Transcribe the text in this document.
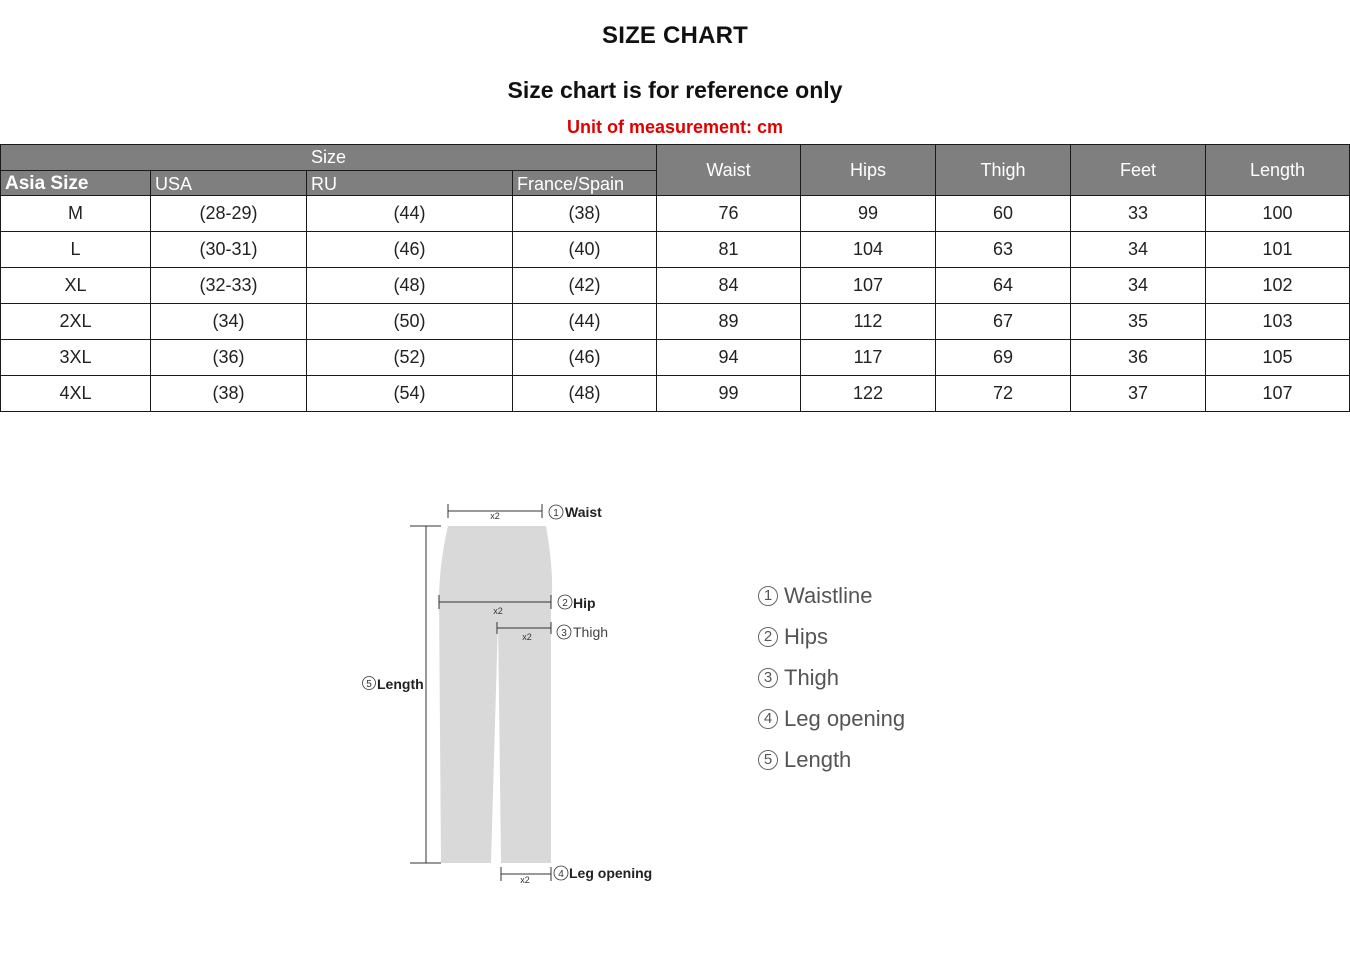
SIZE CHART
Size chart is for reference only
Unit of measurement: cm
Size				Waist	Hips	Thigh	Feet	Length
Asia Size	USA	RU	France/Spain					
M	(28-29)	(44)	(38)	76	99	60	33	100
L	(30-31)	(46)	(40)	81	104	63	34	101
XL	(32-33)	(48)	(42)	84	107	64	34	102
2XL	(34)	(50)	(44)	89	112	67	35	103
3XL	(36)	(52)	(46)	94	117	69	36	105
4XL	(38)	(54)	(48)	99	122	72	37	107
x2	1 Waist
x2
2 Hip
x2	3 Thigh
5 Length
x2	4 Leg opening
1 Waistline
2 Hips
3 Thigh
4 Leg opening
5 Length
